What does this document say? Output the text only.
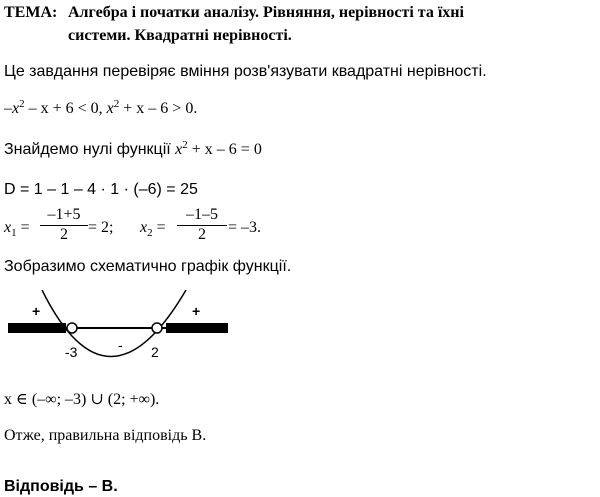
ТЕМА: Алгебра і початки аналізу. Рівняння, нерівності та їхні
системи. Квадратні нерівності.
Це завдання перевіряє вміння розв'язувати квадратні нерівності.
$-x^2 - x + 6 < 0$, $x^2 + x - 6 > 0$.
Знайдемо нулі функції $x^2 + x - 6 = 0$
D = 1 – 1 – 4 · 1 · (–6) = 25
$x_1$ =
–1+5
2	= 2; $x_2$ =
–1–5
2	= –3.
Зобразимо схематично графік функції.
+
-
+
-3	2
x ∈ (–∞; –3) ∪ (2; +∞).
Отже, правильна відповідь В.
Відповідь – В.
